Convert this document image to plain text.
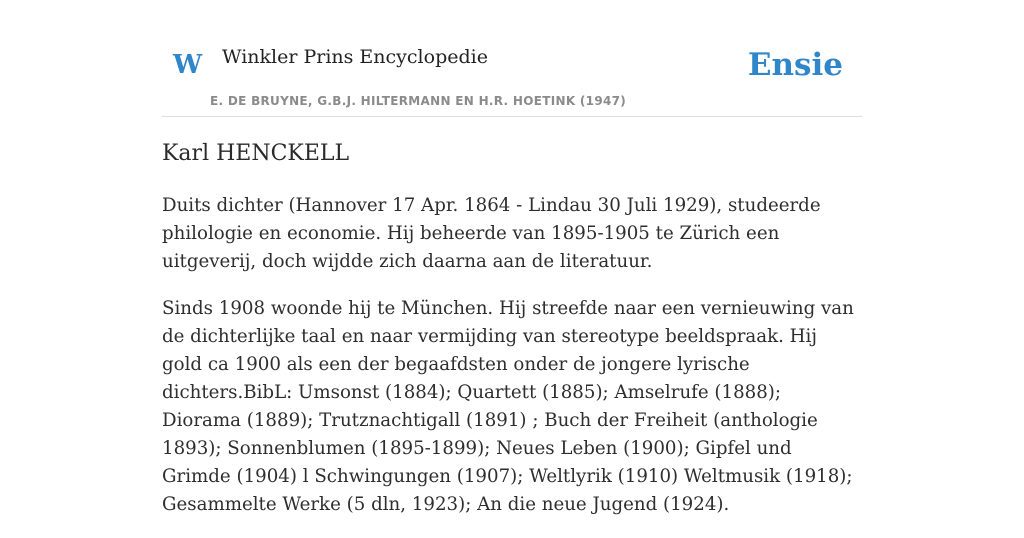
W Winkler Prins Encyclopedie
E. DE BRUYNE, G.B.J. HILTERMANN EN H.R. HOETINK (1947)
Ensie
Karl HENCKELL

Duits dichter (Hannover 17 Apr. 1864 - Lindau 30 Juli 1929), studeerde philologie en economie. Hij beheerde van 1895-1905 te Zürich een uitgeverij, doch wijdde zich daarna aan de literatuur.

Sinds 1908 woonde hij te München. Hij streefde naar een vernieuwing van de dichterlijke taal en naar vermijding van stereotype beeldspraak. Hij gold ca 1900 als een der begaafdsten onder de jongere lyrische dichters.BibL: Umsonst (1884); Quartett (1885); Amselrufe (1888); Diorama (1889); Trutznachtigall (1891) ; Buch der Freiheit (anthologie 1893); Sonnenblumen (1895-1899); Neues Leben (1900); Gipfel und Grimde (1904) l Schwingungen (1907); Weltlyrik (1910) Weltmusik (1918); Gesammelte Werke (5 dln, 1923); An die neue Jugend (1924).
